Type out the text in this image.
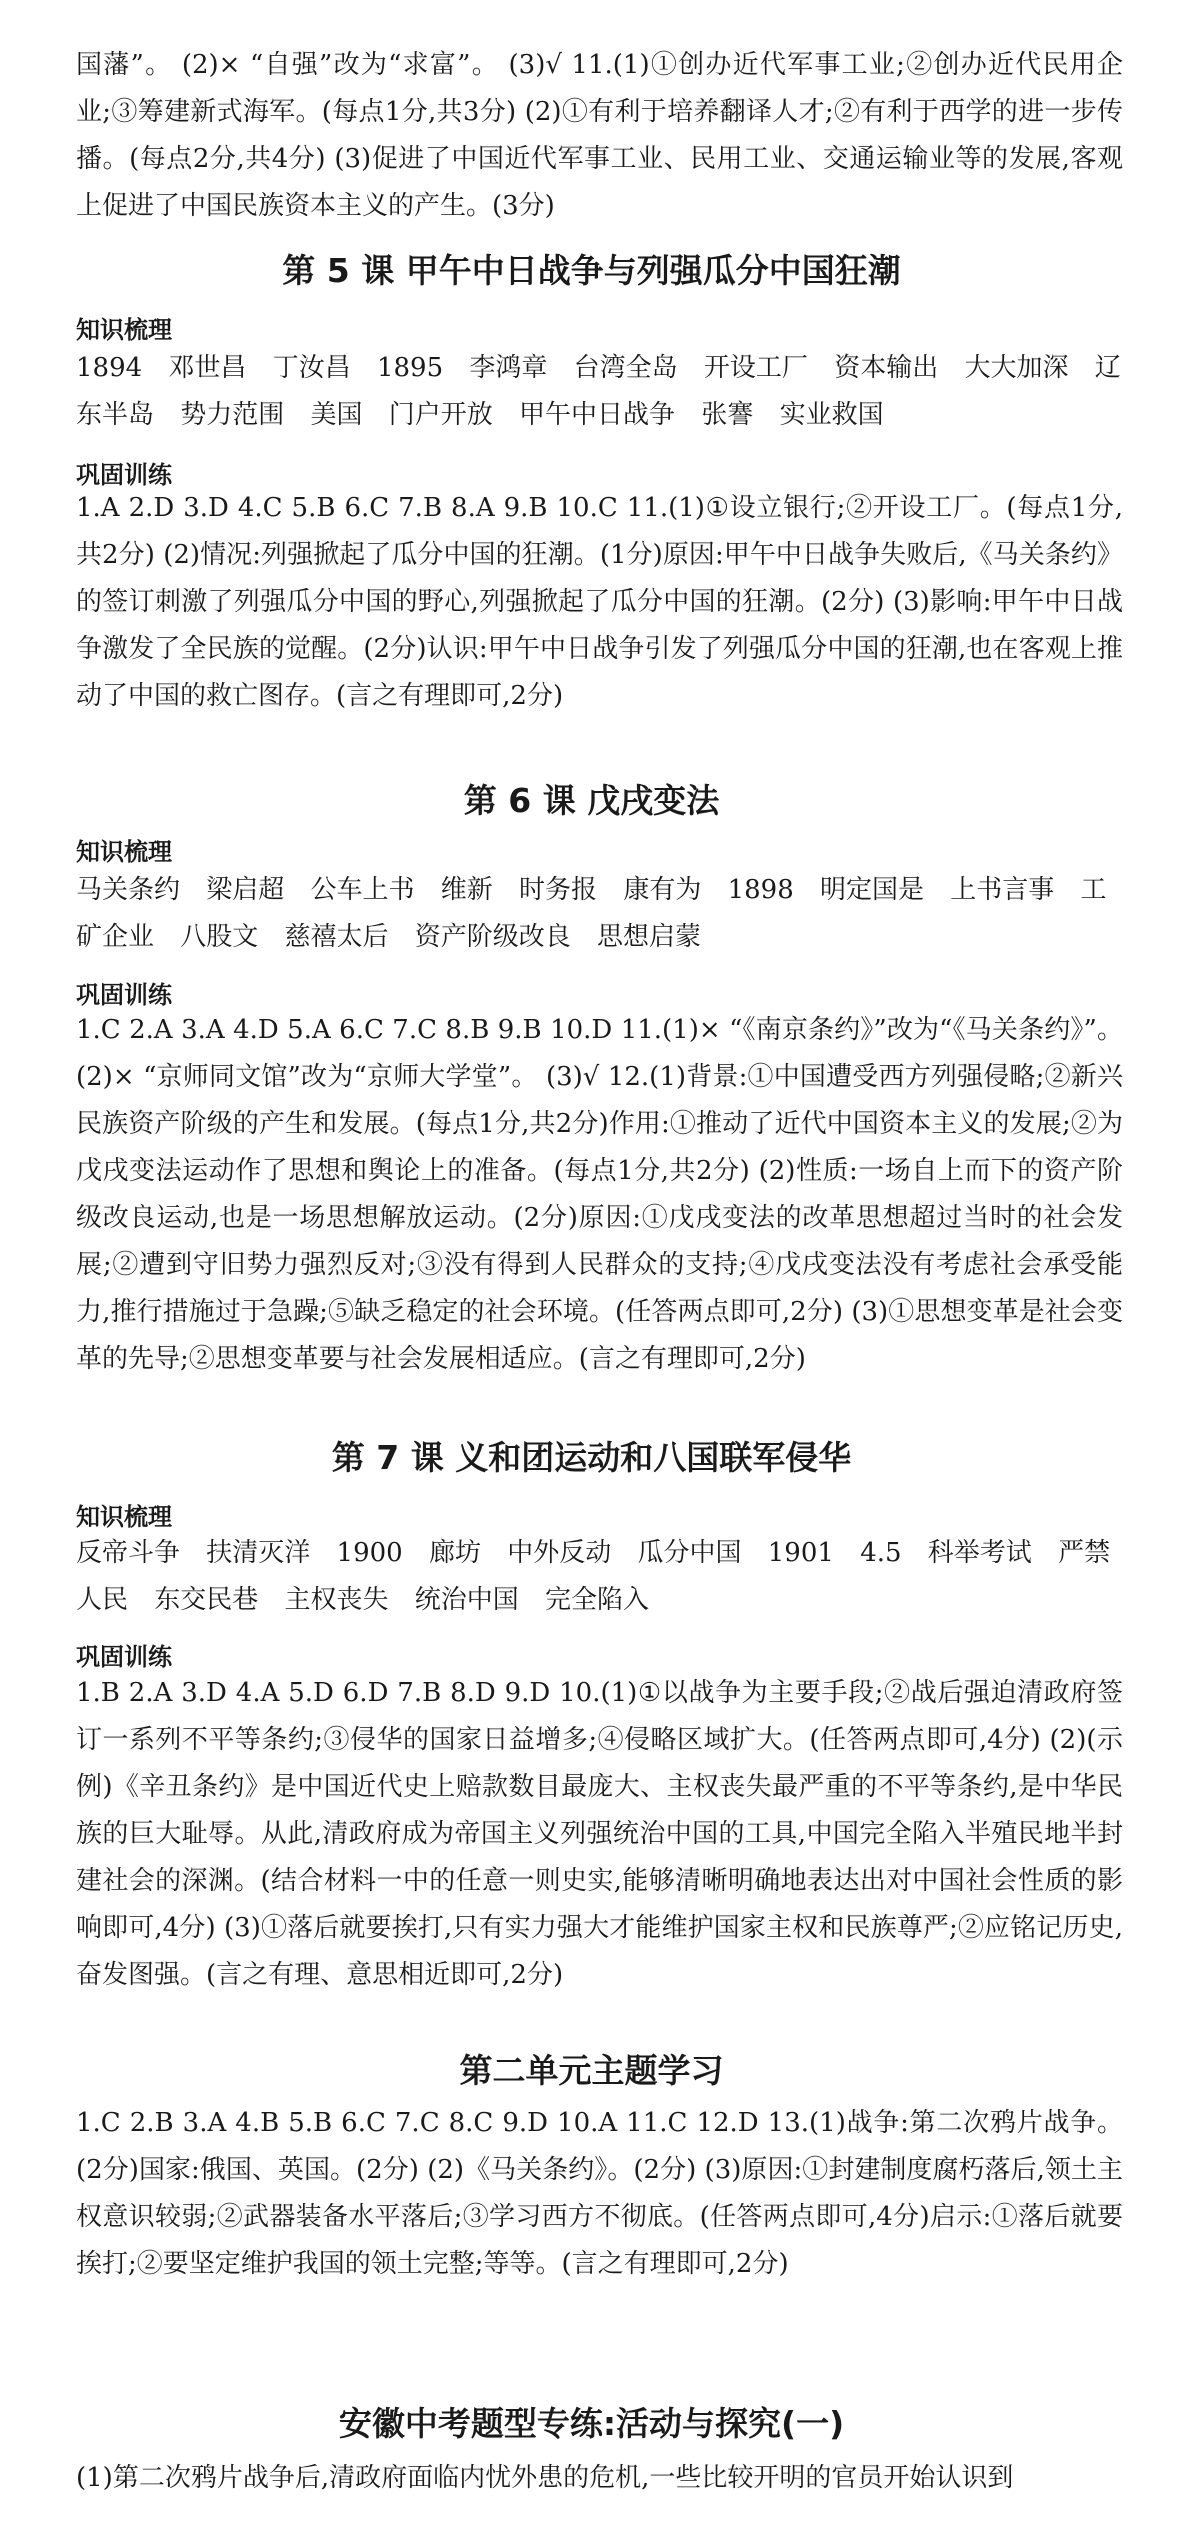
国藩”。 (2)× “自强”改为“求富”。 (3)√ 11.(1)①创办近代军事工业;②创办近代民用企业;③筹建新式海军。(每点1分,共3分) (2)①有利于培养翻译人才;②有利于西学的进一步传播。(每点2分,共4分) (3)促进了中国近代军事工业、民用工业、交通运输业等的发展,客观上促进了中国民族资本主义的产生。(3分)

第 5 课 甲午中日战争与列强瓜分中国狂潮
知识梳理

1894 邓世昌 丁汝昌 1895 李鸿章 台湾全岛 开设工厂 资本输出 大大加深 辽东半岛 势力范围 美国 门户开放 甲午中日战争 张謇 实业救国

巩固训练

1.A 2.D 3.D 4.C 5.B 6.C 7.B 8.A 9.B 10.C 11.(1)①设立银行;②开设工厂。(每点1分,共2分) (2)情况:列强掀起了瓜分中国的狂潮。(1分)原因:甲午中日战争失败后,《马关条约》的签订刺激了列强瓜分中国的野心,列强掀起了瓜分中国的狂潮。(2分) (3)影响:甲午中日战争激发了全民族的觉醒。(2分)认识:甲午中日战争引发了列强瓜分中国的狂潮,也在客观上推动了中国的救亡图存。(言之有理即可,2分)

第 6 课 戊戌变法
知识梳理

马关条约 梁启超 公车上书 维新 时务报 康有为 1898 明定国是 上书言事 工矿企业 八股文 慈禧太后 资产阶级改良 思想启蒙

巩固训练

1.C 2.A 3.A 4.D 5.A 6.C 7.C 8.B 9.B 10.D 11.(1)× “《南京条约》”改为“《马关条约》”。 (2)× “京师同文馆”改为“京师大学堂”。 (3)√ 12.(1)背景:①中国遭受西方列强侵略;②新兴民族资产阶级的产生和发展。(每点1分,共2分)作用:①推动了近代中国资本主义的发展;②为戊戌变法运动作了思想和舆论上的准备。(每点1分,共2分) (2)性质:一场自上而下的资产阶级改良运动,也是一场思想解放运动。(2分)原因:①戊戌变法的改革思想超过当时的社会发展;②遭到守旧势力强烈反对;③没有得到人民群众的支持;④戊戌变法没有考虑社会承受能力,推行措施过于急躁;⑤缺乏稳定的社会环境。(任答两点即可,2分) (3)①思想变革是社会变革的先导;②思想变革要与社会发展相适应。(言之有理即可,2分)

第 7 课 义和团运动和八国联军侵华
知识梳理

反帝斗争 扶清灭洋 1900 廊坊 中外反动 瓜分中国 1901 4.5 科举考试 严禁人民 东交民巷 主权丧失 统治中国 完全陷入

巩固训练

1.B 2.A 3.D 4.A 5.D 6.D 7.B 8.D 9.D 10.(1)①以战争为主要手段;②战后强迫清政府签订一系列不平等条约;③侵华的国家日益增多;④侵略区域扩大。(任答两点即可,4分) (2)(示例)《辛丑条约》是中国近代史上赔款数目最庞大、主权丧失最严重的不平等条约,是中华民族的巨大耻辱。从此,清政府成为帝国主义列强统治中国的工具,中国完全陷入半殖民地半封建社会的深渊。(结合材料一中的任意一则史实,能够清晰明确地表达出对中国社会性质的影响即可,4分) (3)①落后就要挨打,只有实力强大才能维护国家主权和民族尊严;②应铭记历史,奋发图强。(言之有理、意思相近即可,2分)

第二单元主题学习

1.C 2.B 3.A 4.B 5.B 6.C 7.C 8.C 9.D 10.A 11.C 12.D 13.(1)战争:第二次鸦片战争。(2分)国家:俄国、英国。(2分) (2)《马关条约》。(2分) (3)原因:①封建制度腐朽落后,领土主权意识较弱;②武器装备水平落后;③学习西方不彻底。(任答两点即可,4分)启示:①落后就要挨打;②要坚定维护我国的领土完整;等等。(言之有理即可,2分)

安徽中考题型专练:活动与探究(一)

(1)第二次鸦片战争后,清政府面临内忧外患的危机,一些比较开明的官员开始认识到
